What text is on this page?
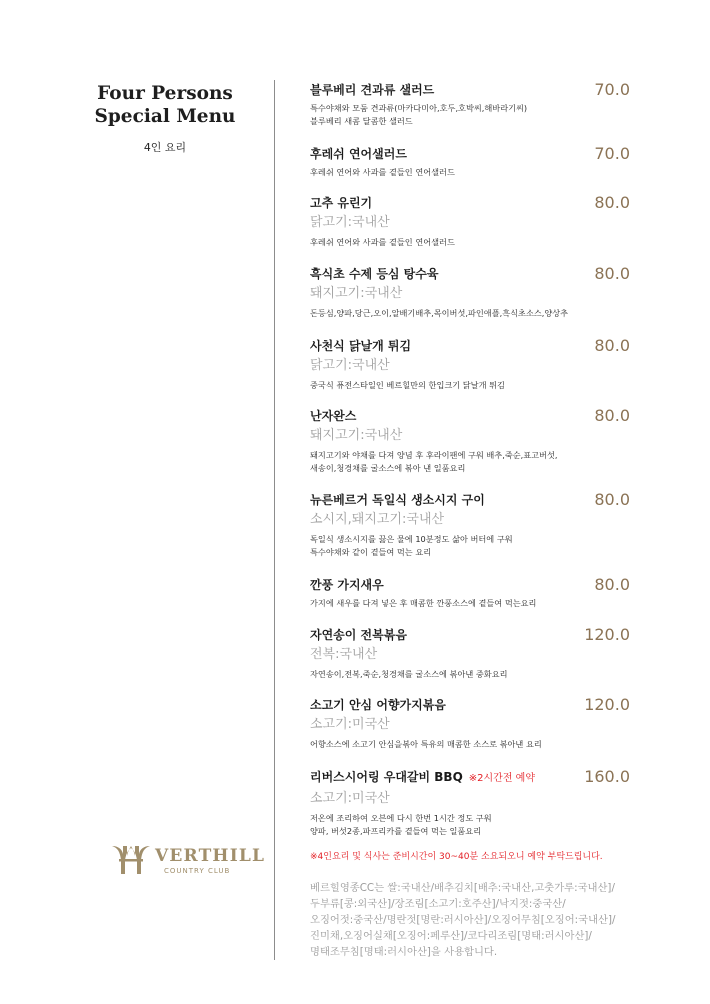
Four Persons
Special Menu
4인 요리
VERTHILL
COUNTRY CLUB
블루베리 견과류 샐러드	70.0
특수야채와 모둠 견과류(마카다미아,호두,호박씨,해바라기씨)
블루베리 새콤 달콤한 샐러드
후레쉬 연어샐러드	70.0
후레쉬 연어와 사과를 곁들인 연어샐러드
고추 유린기	80.0
닭고기:국내산
후레쉬 연어와 사과를 곁들인 연어샐러드
흑식초 수제 등심 탕수육	80.0
돼지고기:국내산
돈등심,양파,당근,오이,알배기배추,목이버섯,파인애플,흑식초소스,양상추
사천식 닭날개 튀김	80.0
닭고기:국내산
중국식 퓨전스타일인 베르힐만의 한입크기 닭날개 튀김
난자완스	80.0
돼지고기:국내산
돼지고기와 야채를 다져 양념 후 후라이팬에 구워 배추,죽순,표고버섯,
새송이,청경채를 굴소스에 볶아 낸 일품요리
뉴른베르거 독일식 생소시지 구이	80.0
소시지,돼지고기:국내산
독일식 생소시지를 끓은 물에 10분정도 삶아 버터에 구워
특수야채와 같이 곁들여 먹는 요리
깐풍 가지새우	80.0
가지에 새우를 다져 넣은 후 매콤한 깐풍소스에 곁들여 먹는요리
자연송이 전복볶음	120.0
전복:국내산
자연송이,전복,죽순,청경채를 굴소스에 볶아낸 중화요리
소고기 안심 어향가지볶음	120.0
소고기:미국산
어향소스에 소고기 안심을볶아 특유의 매콤한 소스로 볶아낸 요리
리버스시어링 우대갈비 BBQ ※2시간전 예약	160.0
소고기:미국산
저온에 조리하여 오븐에 다시 한번 1시간 정도 구워
양파, 버섯2종,파프리카를 곁들여 먹는 일품요리
※4인요리 및 식사는 준비시간이 30~40분 소요되오니 예약 부탁드립니다.
베르힐영종CC는 쌀:국내산/배추김치[배추:국내산,고춧가루:국내산]/
두부류[콩:외국산]/장조림[소고기:호주산]/낙지젓:중국산/
오징어젓:중국산/명란젓[명란:러시아산]/오징어무침[오징어:국내산]/
진미채,오징어실채[오징어:페루산]/코다리조림[명태:러시아산]/
명태조무침[명태:러시아산]을 사용합니다.
